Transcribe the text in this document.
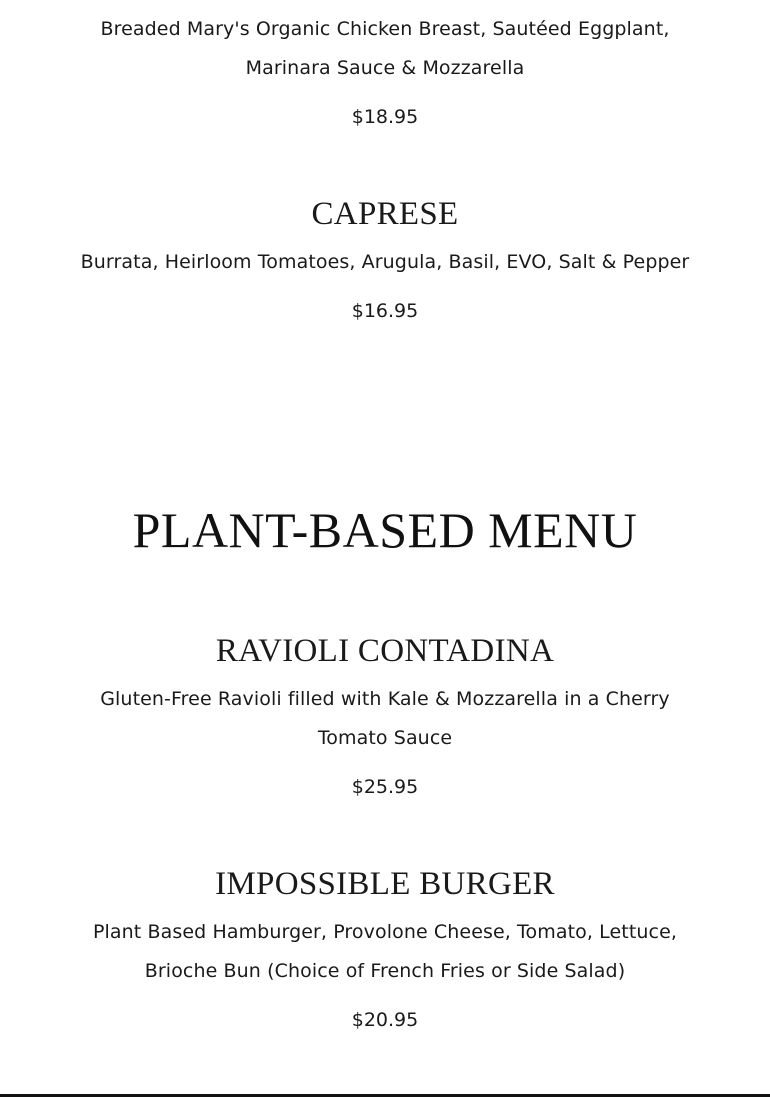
Breaded Mary's Organic Chicken Breast, Sautéed Eggplant,
Marinara Sauce & Mozzarella
$18.95
CAPRESE
Burrata, Heirloom Tomatoes, Arugula, Basil, EVO, Salt & Pepper
$16.95
PLANT-BASED MENU
RAVIOLI CONTADINA
Gluten-Free Ravioli filled with Kale & Mozzarella in a Cherry
Tomato Sauce
$25.95
IMPOSSIBLE BURGER
Plant Based Hamburger, Provolone Cheese, Tomato, Lettuce,
Brioche Bun (Choice of French Fries or Side Salad)
$20.95
